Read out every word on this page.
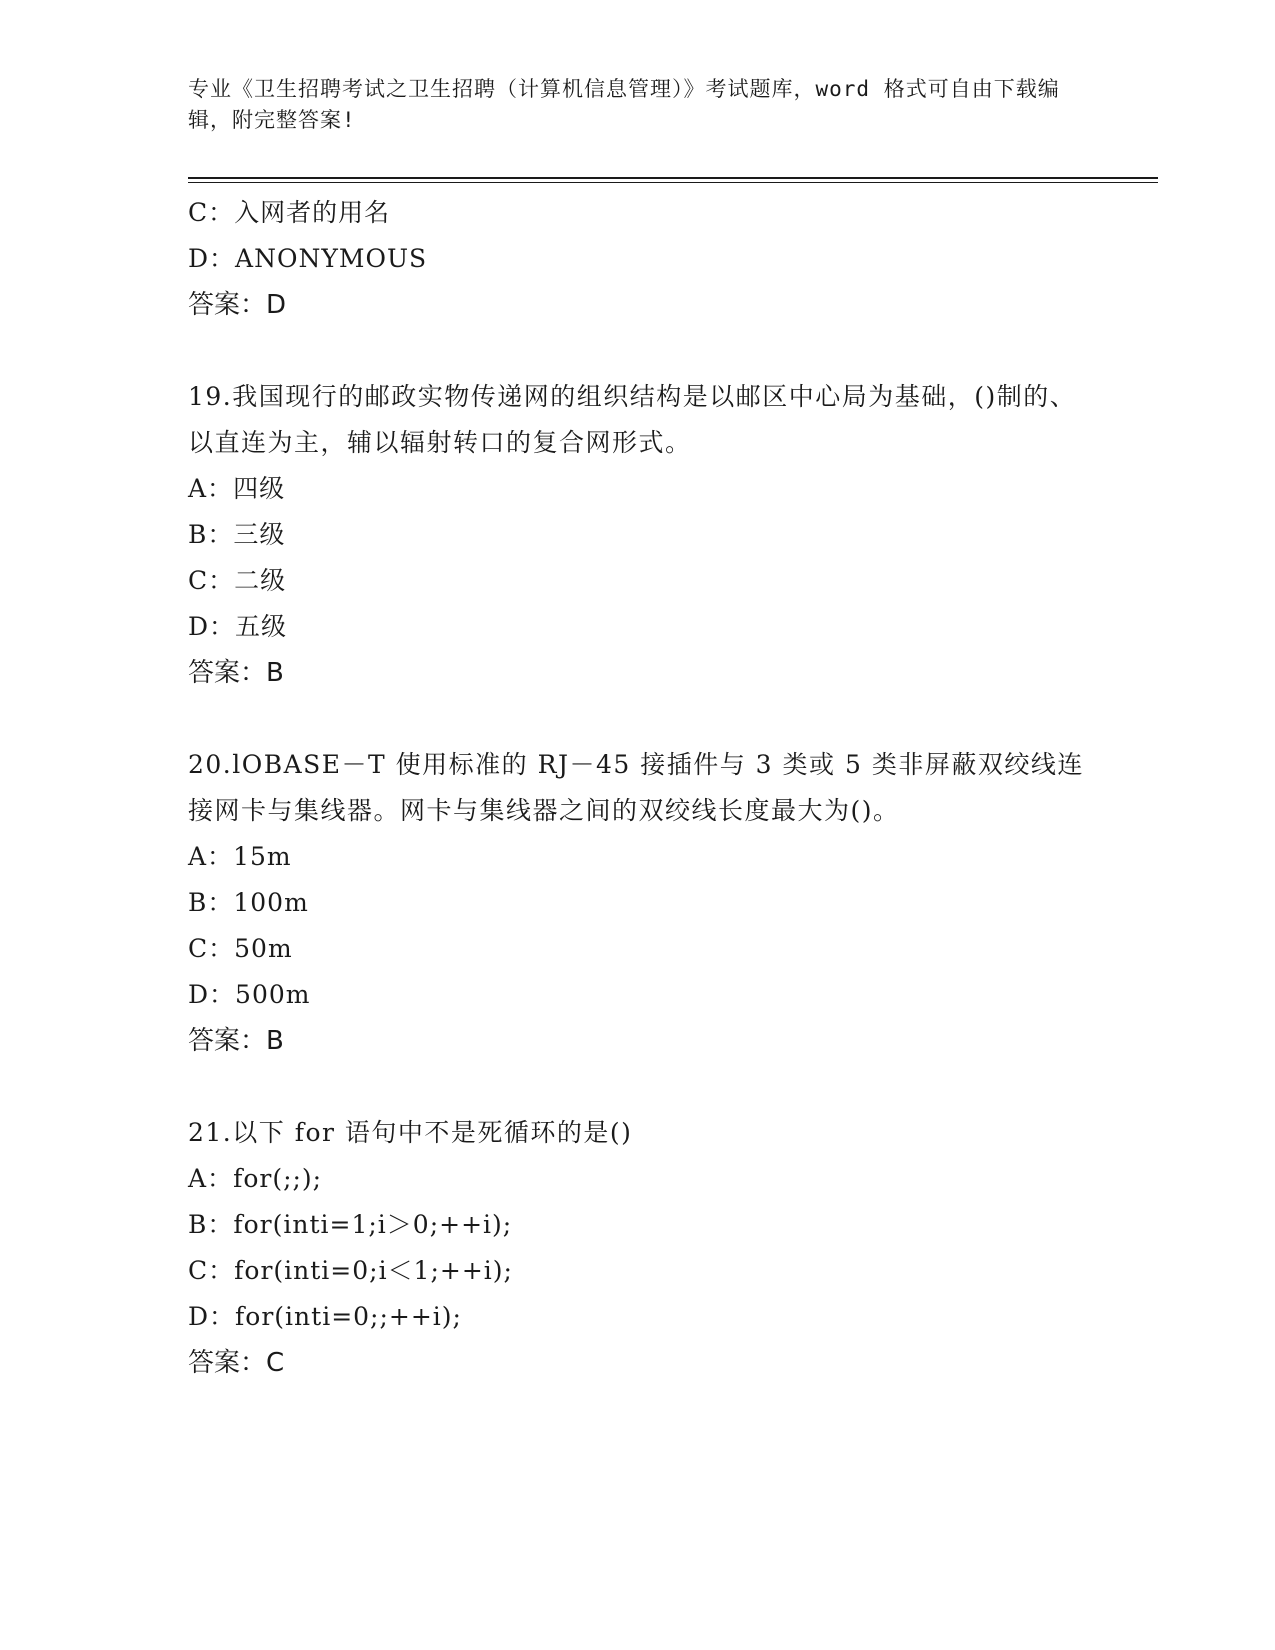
专业《卫生招聘考试之卫生招聘（计算机信息管理）》考试题库，word 格式可自由下载编辑，附完整答案!
C：入网者的用名
D：ANONYMOUS
答案：D
19.我国现行的邮政实物传递网的组织结构是以邮区中心局为基础，()制的、以直连为主，辅以辐射转口的复合网形式。
A：四级
B：三级
C：二级
D：五级
答案：B
20.lOBASE－T 使用标准的 RJ－45 接插件与 3 类或 5 类非屏蔽双绞线连接网卡与集线器。网卡与集线器之间的双绞线长度最大为()。
A：15m
B：100m
C：50m
D：500m
答案：B
21.以下 for 语句中不是死循环的是()
A：for(;;);
B：for(inti=1;i＞0;++i);
C：for(inti=0;i＜1;++i);
D：for(inti=0;;++i);
答案：C
